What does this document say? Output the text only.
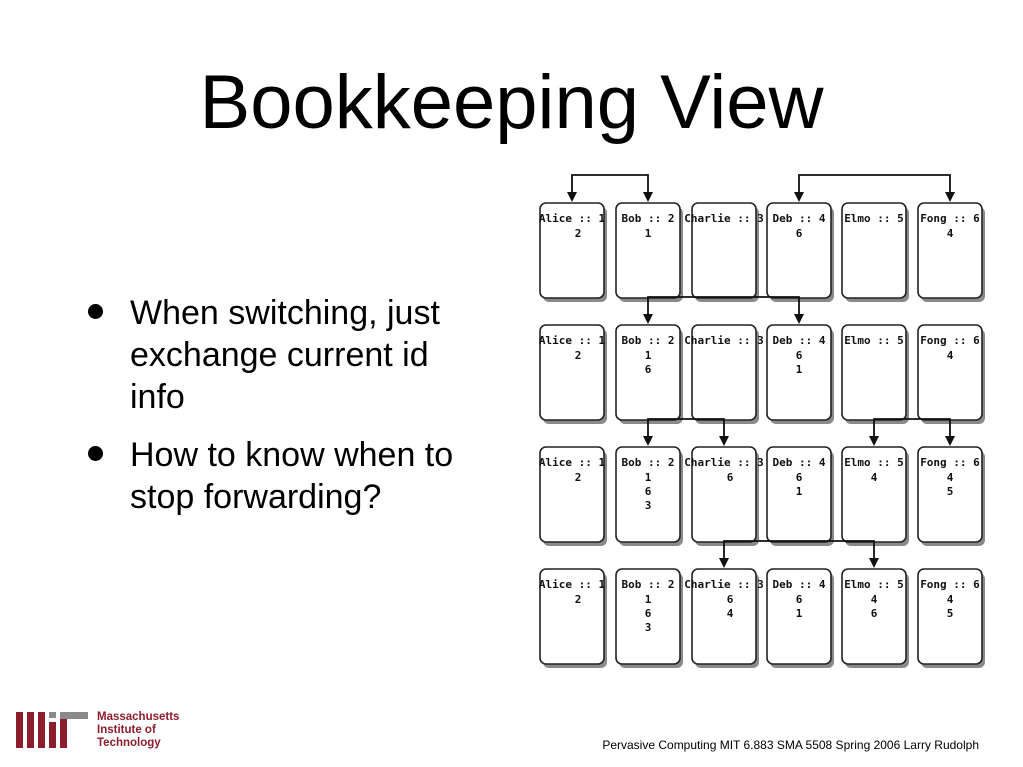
Bookkeeping View
When switching, just exchange current id info
How to know when to stop forwarding?
Alice :: 1
2
Bob :: 2
1
Charlie :: 3 Deb :: 4
6
Elmo :: 5 Fong :: 6
4
Alice :: 1
2
Bob :: 2
1
6
Charlie :: 3 Deb :: 4
6
1
Elmo :: 5 Fong :: 6
4
Alice :: 1
2
Bob :: 2
1
6
3
Charlie :: 3
6
Deb :: 4
6
1
Elmo :: 5
4
Fong :: 6
4
5
Alice :: 1
2
Bob :: 2
1
6
3
Charlie :: 3
6
4
Deb :: 4
6
1
Elmo :: 5
4
6
Fong :: 6
4
5
Massachusetts
Institute of
Technology	Pervasive Computing MIT 6.883 SMA 5508 Spring 2006 Larry Rudolph
